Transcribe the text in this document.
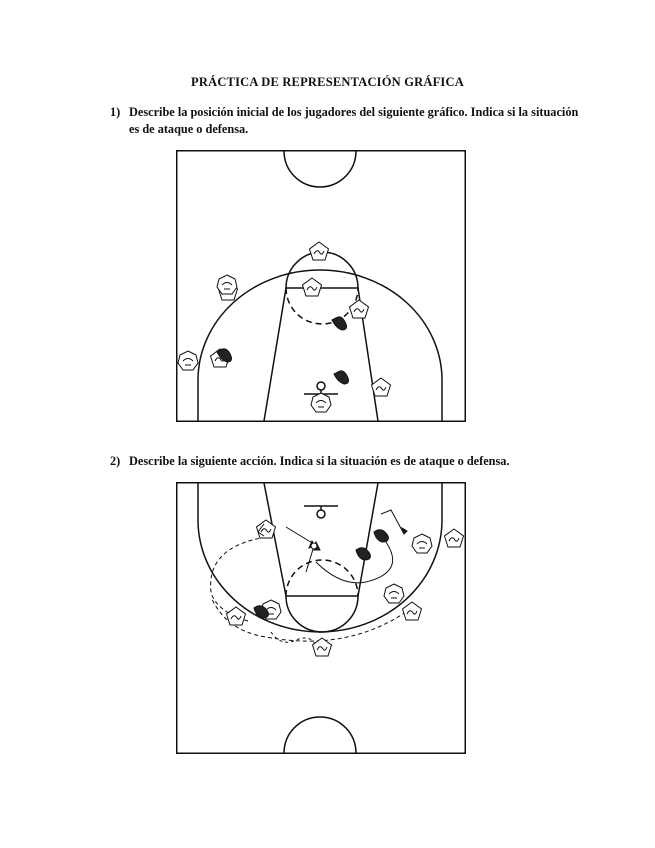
PRÁCTICA DE REPRESENTACIÓN GRÁFICA
1) Describe la posición inicial de los jugadores del siguiente gráfico. Indica si la situación es de ataque o defensa.
2) Describe la siguiente acción. Indica si la situación es de ataque o defensa.
